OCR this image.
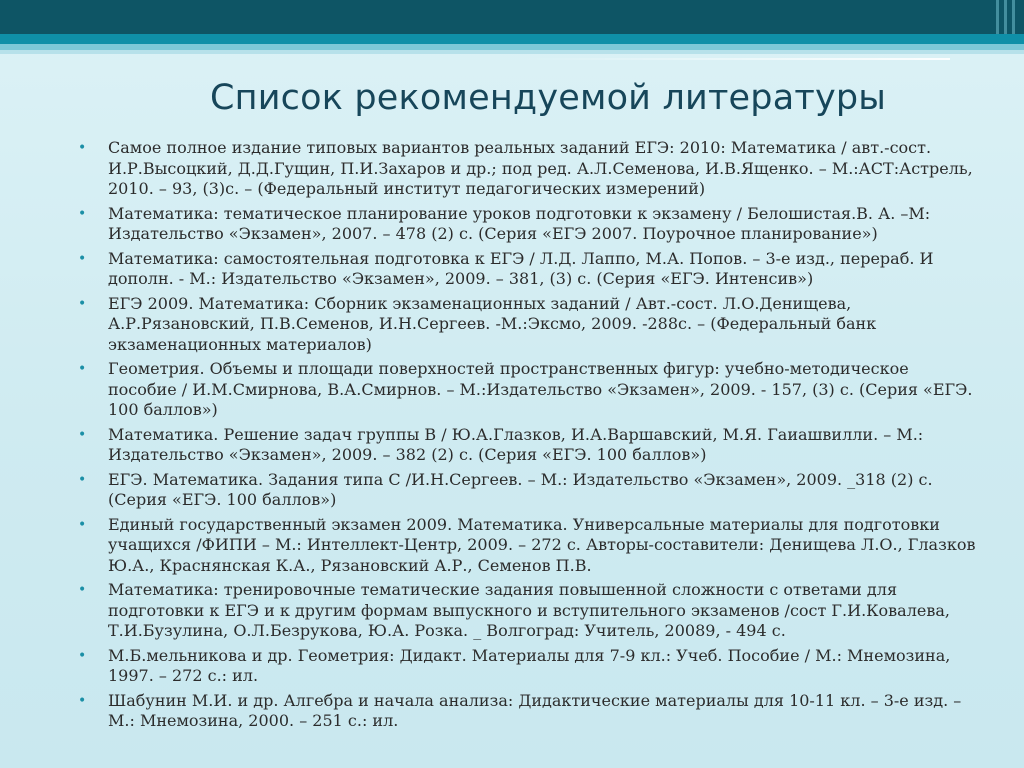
Список рекомендуемой литературы
• Самое полное издание типовых вариантов реальных заданий ЕГЭ: 2010: Математика / авт.-сост. И.Р.Высоцкий, Д.Д.Гущин, П.И.Захаров и др.; под ред. А.Л.Семенова, И.В.Ященко. – М.:АСТ:Астрель, 2010. – 93, (3)с. – (Федеральный институт педагогических измерений)
• Математика: тематическое планирование уроков подготовки к экзамену / Белошистая.В. А. –М: Издательство «Экзамен», 2007. – 478 (2) с. (Серия «ЕГЭ 2007. Поурочное планирование»)
• Математика: самостоятельная подготовка к ЕГЭ / Л.Д. Лаппо, М.А. Попов. – 3-е изд., перераб. И дополн. - М.: Издательство «Экзамен», 2009. – 381, (3) с. (Серия «ЕГЭ. Интенсив»)
• ЕГЭ 2009. Математика: Сборник экзаменационных заданий / Авт.-сост. Л.О.Денищева, А.Р.Рязановский, П.В.Семенов, И.Н.Сергеев. -М.:Эксмо, 2009. -288с. – (Федеральный банк экзаменационных материалов)
• Геометрия. Объемы и площади поверхностей пространственных фигур: учебно-методическое пособие / И.М.Смирнова, В.А.Смирнов. – М.:Издательство «Экзамен», 2009. - 157, (3) с. (Серия «ЕГЭ. 100 баллов»)
• Математика. Решение задач группы В / Ю.А.Глазков, И.А.Варшавский, М.Я. Гаиашвилли. – М.: Издательство «Экзамен», 2009. – 382 (2) с. (Серия «ЕГЭ. 100 баллов»)
• ЕГЭ. Математика. Задания типа С /И.Н.Сергеев. – М.: Издательство «Экзамен», 2009. _318 (2) с. (Серия «ЕГЭ. 100 баллов»)
• Единый государственный экзамен 2009. Математика. Универсальные материалы для подготовки учащихся /ФИПИ – М.: Интеллект-Центр, 2009. – 272 с. Авторы-составители: Денищева Л.О., Глазков Ю.А., Краснянская К.А., Рязановский А.Р., Семенов П.В.
• Математика: тренировочные тематические задания повышенной сложности с ответами для подготовки к ЕГЭ и к другим формам выпускного и вступительного экзаменов /сост Г.И.Ковалева, Т.И.Бузулина, О.Л.Безрукова, Ю.А. Розка. _ Волгоград: Учитель, 20089, - 494 с.
• М.Б.мельникова и др. Геометрия: Дидакт. Материалы для 7-9 кл.: Учеб. Пособие / М.: Мнемозина, 1997. – 272 с.: ил.
• Шабунин М.И. и др. Алгебра и начала анализа: Дидактические материалы для 10-11 кл. – 3-е изд. – М.: Мнемозина, 2000. – 251 с.: ил.
